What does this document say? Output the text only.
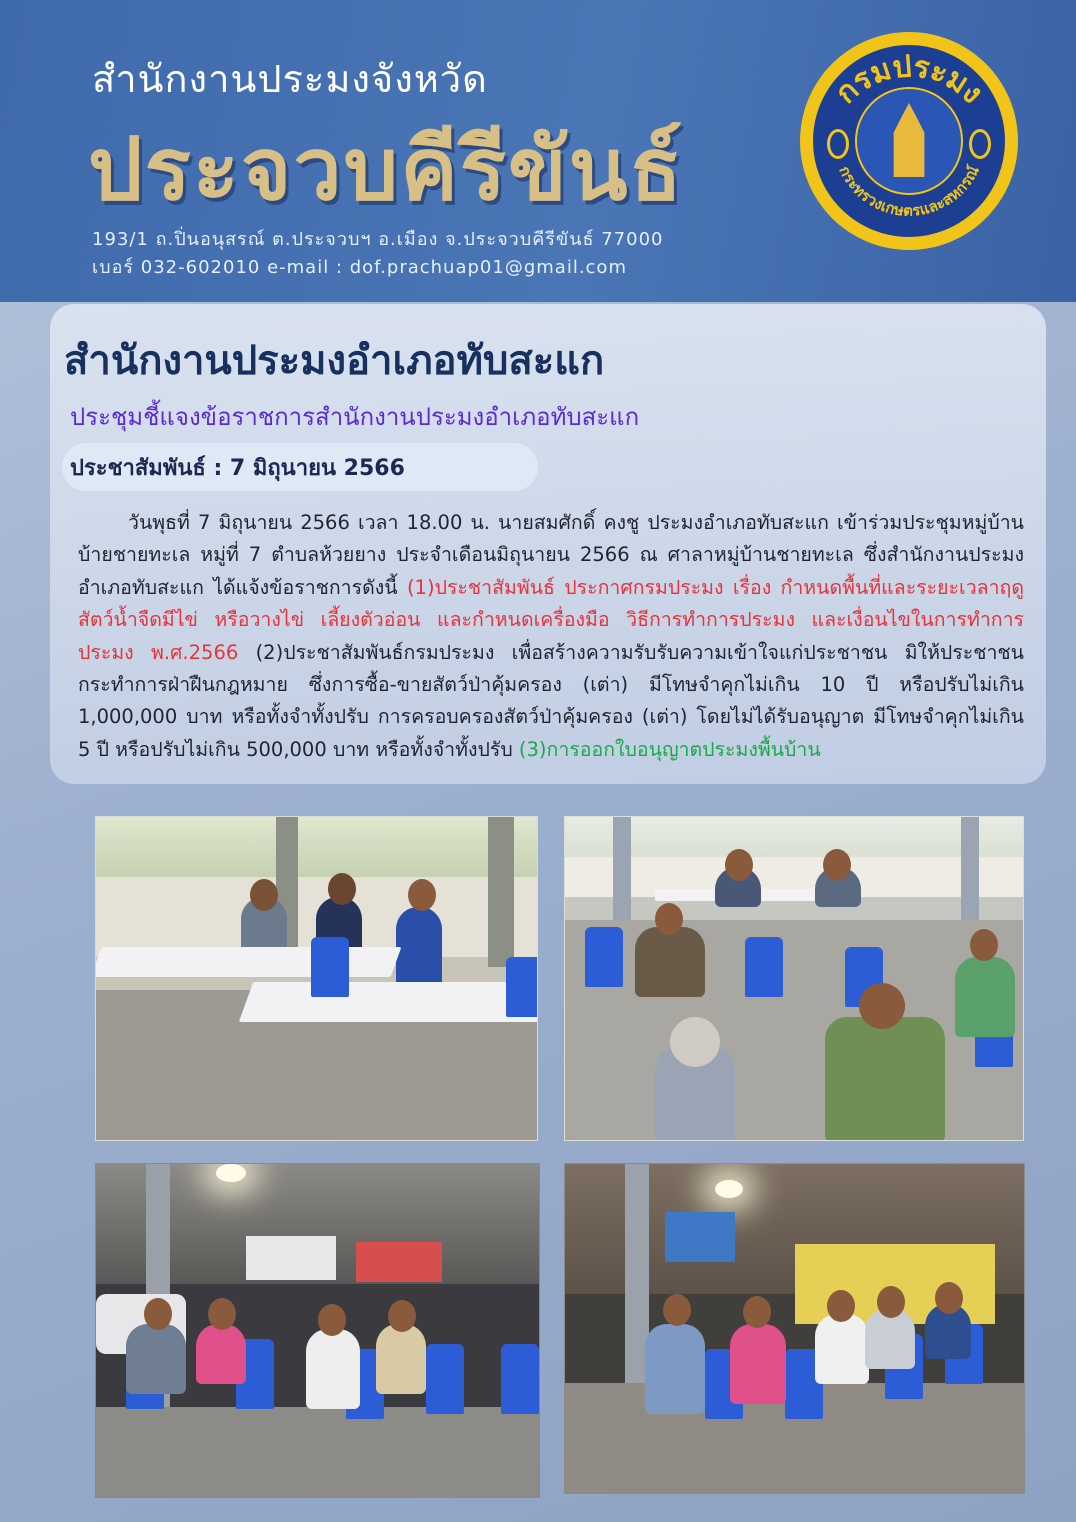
สำนักงานประมงจังหวัด
ประจวบคีรีขันธ์
193/1 ถ.ปิ่นอนุสรณ์ ต.ประจวบฯ อ.เมือง จ.ประจวบคีรีขันธ์ 77000
เบอร์ 032-602010 e-mail : dof.prachuap01@gmail.com
กรมประมง
กระทรวงเกษตรและสหกรณ์
สำนักงานประมงอำเภอทับสะแก
ประชุมชี้แจงข้อราชการสำนักงานประมงอำเภอทับสะแก
ประชาสัมพันธ์ : 7 มิถุนายน 2566
วันพุธที่ 7 มิถุนายน 2566 เวลา 18.00 น. นายสมศักดิ์ คงชู ประมงอำเภอทับสะแก เข้าร่วมประชุมหมู่บ้าน บ้ายชายทะเล หมู่ที่ 7 ตำบลห้วยยาง ประจำเดือนมิถุนายน 2566 ณ ศาลาหมู่บ้านชายทะเล ซึ่งสำนักงานประมง อำเภอทับสะแก ได้แจ้งข้อราชการดังนี้ (1)ประชาสัมพันธ์ ประกาศกรมประมง เรื่อง กำหนดพื้นที่และระยะเวลาฤดูสัตว์น้ำจืดมีไข่ หรือวางไข่ เลี้ยงตัวอ่อน และกำหนดเครื่องมือ วิธีการทำการประมง และเงื่อนไขในการทำการประมง พ.ศ.2566 (2)ประชาสัมพันธ์กรมประมง เพื่อสร้างความรับรับความเข้าใจแก่ประชาชน มิให้ประชาชนกระทำการฝ่าฝืนกฎหมาย ซึ่งการซื้อ-ขายสัตว์ป่าคุ้มครอง (เต่า) มีโทษจำคุกไม่เกิน 10 ปี หรือปรับไม่เกิน 1,000,000 บาท หรือทั้งจำทั้งปรับ การครอบครองสัตว์ป่าคุ้มครอง (เต่า) โดยไม่ได้รับอนุญาต มีโทษจำคุกไม่เกิน 5 ปี หรือปรับไม่เกิน 500,000 บาท หรือทั้งจำทั้งปรับ (3)การออกใบอนุญาตประมงพื้นบ้าน
